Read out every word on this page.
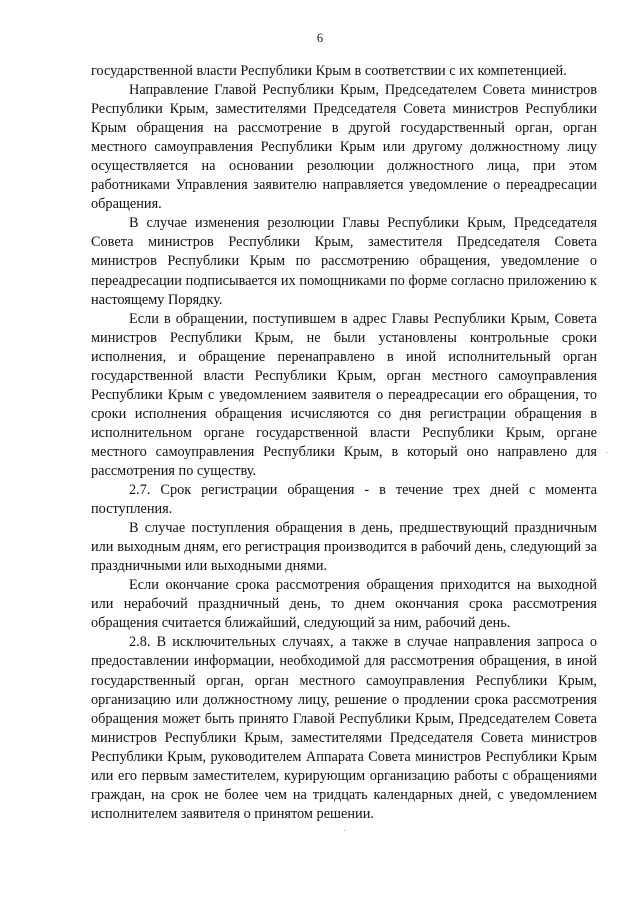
6

государственной власти Республики Крым в соответствии с их компетенцией.

Направление Главой Республики Крым, Председателем Совета министров Республики Крым, заместителями Председателя Совета министров Республики Крым обращения на рассмотрение в другой государственный орган, орган местного самоуправления Республики Крым или другому должностному лицу осуществляется на основании резолюции должностного лица, при этом работниками Управления заявителю направляется уведомление о переадресации обращения.

В случае изменения резолюции Главы Республики Крым, Председателя Совета министров Республики Крым, заместителя Председателя Совета министров Республики Крым по рассмотрению обращения, уведомление о переадресации подписывается их помощниками по форме согласно приложению к настоящему Порядку.

Если в обращении, поступившем в адрес Главы Республики Крым, Совета министров Республики Крым, не были установлены контрольные сроки исполнения, и обращение перенаправлено в иной исполнительный орган государственной власти Республики Крым, орган местного самоуправления Республики Крым с уведомлением заявителя о переадресации его обращения, то сроки исполнения обращения исчисляются со дня регистрации обращения в исполнительном органе государственной власти Республики Крым, органе местного самоуправления Республики Крым, в который оно направлено для рассмотрения по существу.

2.7. Срок регистрации обращения - в течение трех дней с момента поступления.

В случае поступления обращения в день, предшествующий праздничным или выходным дням, его регистрация производится в рабочий день, следующий за праздничными или выходными днями.

Если окончание срока рассмотрения обращения приходится на выходной или нерабочий праздничный день, то днем окончания срока рассмотрения обращения считается ближайший, следующий за ним, рабочий день.

2.8. В исключительных случаях, а также в случае направления запроса о предоставлении информации, необходимой для рассмотрения обращения, в иной государственный орган, орган местного самоуправления Республики Крым, организацию или должностному лицу, решение о продлении срока рассмотрения обращения может быть принято Главой Республики Крым, Председателем Совета министров Республики Крым, заместителями Председателя Совета министров Республики Крым, руководителем Аппарата Совета министров Республики Крым или его первым заместителем, курирующим организацию работы с обращениями граждан, на срок не более чем на тридцать календарных дней, с уведомлением исполнителем заявителя о принятом решении.
